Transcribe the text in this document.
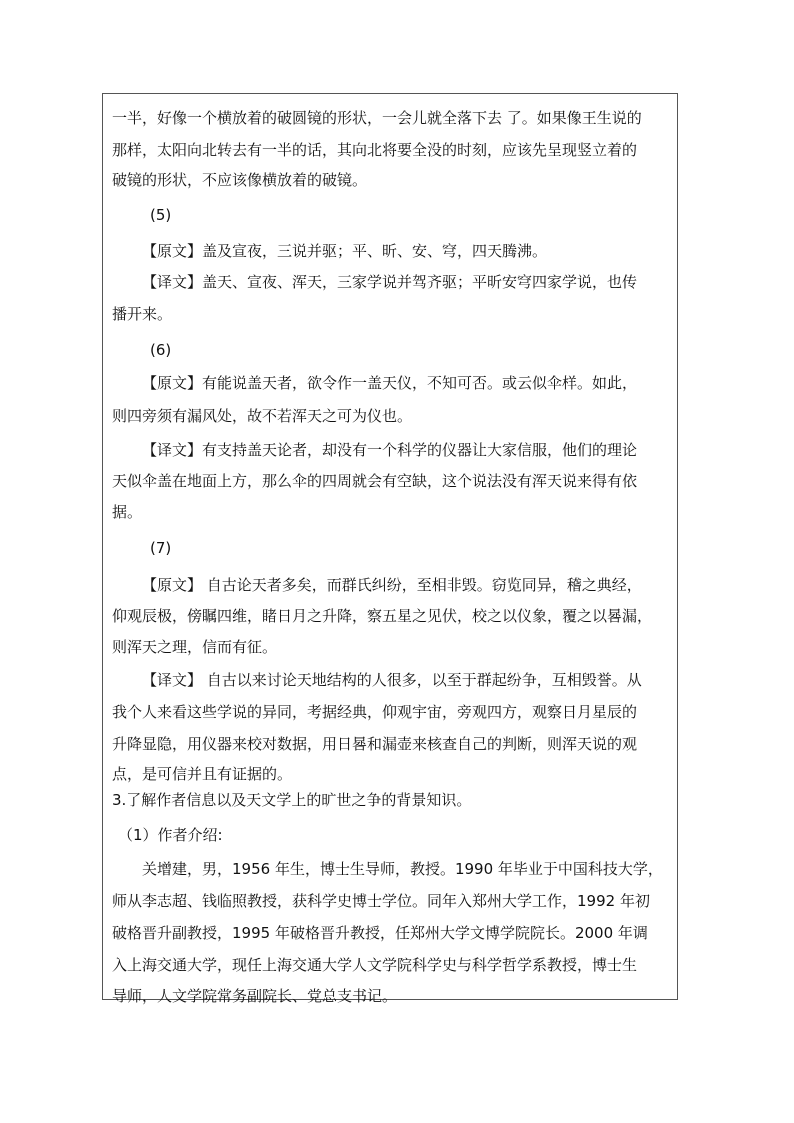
一半，好像一个横放着的破圆镜的形状，一会儿就全落下去 了。如果像王生说的
那样，太阳向北转去有一半的话，其向北将要全没的时刻，应该先呈现竖立着的
破镜的形状，不应该像横放着的破镜。
(5)
【原文】盖及宣夜，三说并驱；平、昕、安、穹，四天腾沸。
【译文】盖天、宣夜、浑天，三家学说并驾齐驱；平昕安穹四家学说，也传
播开来。
(6)
【原文】有能说盖天者，欲令作一盖天仪，不知可否。或云似伞样。如此，
则四旁须有漏风处，故不若浑天之可为仪也。
【译文】有支持盖天论者，却没有一个科学的仪器让大家信服，他们的理论
天似伞盖在地面上方，那么伞的四周就会有空缺，这个说法没有浑天说来得有依
据。
(7)
【原文】 自古论天者多矣，而群氏纠纷，至相非毁。窃览同异，稽之典经，
仰观辰极，傍瞩四维，睹日月之升降，察五星之见伏，校之以仪象，覆之以晷漏，
则浑天之理，信而有征。
【译文】 自古以来讨论天地结构的人很多，以至于群起纷争，互相毁誉。从
我个人来看这些学说的异同，考据经典，仰观宇宙，旁观四方，观察日月星辰的
升降显隐，用仪器来校对数据，用日晷和漏壶来核查自己的判断，则浑天说的观
点，是可信并且有证据的。
3.了解作者信息以及天文学上的旷世之争的背景知识。
（1）作者介绍:
关增建，男，1956 年生，博士生导师，教授。1990 年毕业于中国科技大学，
师从李志超、钱临照教授，获科学史博士学位。同年入郑州大学工作，1992 年初
破格晋升副教授，1995 年破格晋升教授，任郑州大学文博学院院长。2000 年调
入上海交通大学，现任上海交通大学人文学院科学史与科学哲学系教授，博士生
导师，人文学院常务副院长、党总支书记。
